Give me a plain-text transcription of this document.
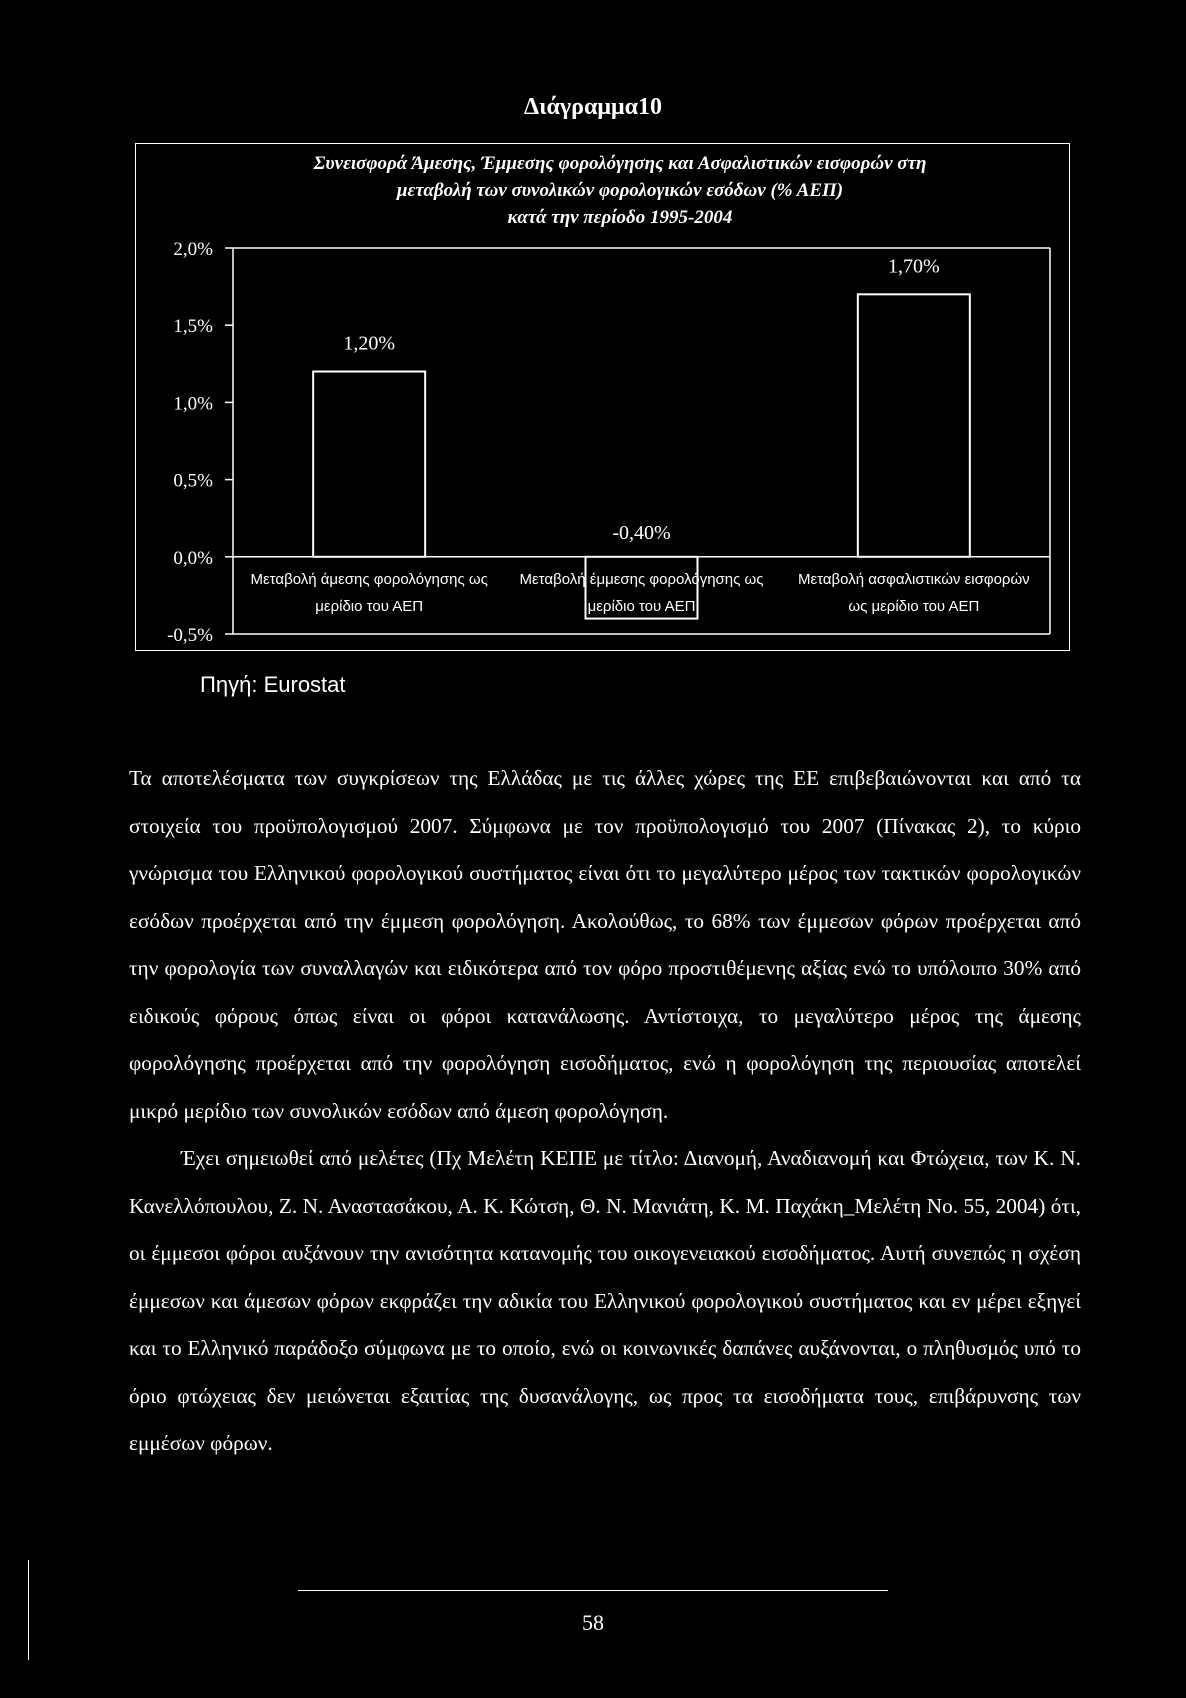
Διάγραμμα10
2,0%
1,5%
1,0%
0,5%
0,0%
-0,5%
Μεταβολή άμεσης φορολόγησης ως
μερίδιο του ΑΕΠ
Μεταβολή έμμεσης φορολόγησης ως
μερίδιο του ΑΕΠ
Μεταβολή ασφαλιστικών εισφορών
ως μερίδιο του ΑΕΠ
1,20%
-0,40%
1,70%
Συνεισφορά Άμεσης, Έμμεσης φορολόγησης και Ασφαλιστικών εισφορών στη
μεταβολή των συνολικών φορολογικών εσόδων (% ΑΕΠ)
κατά την περίοδο 1995-2004
Πηγή: Eurostat

Τα αποτελέσματα των συγκρίσεων της Ελλάδας με τις άλλες χώρες της ΕΕ επιβεβαιώνονται και από τα στοιχεία του προϋπολογισμού 2007. Σύμφωνα με τον προϋπολογισμό του 2007 (Πίνακας 2), το κύριο γνώρισμα του Ελληνικού φορολογικού συστήματος είναι ότι το μεγαλύτερο μέρος των τακτικών φορολογικών εσόδων προέρχεται από την έμμεση φορολόγηση. Ακολούθως, το 68% των έμμεσων φόρων προέρχεται από την φορολογία των συναλλαγών και ειδικότερα από τον φόρο προστιθέμενης αξίας ενώ το υπόλοιπο 30% από ειδικούς φόρους όπως είναι οι φόροι κατανάλωσης. Αντίστοιχα, το μεγαλύτερο μέρος της άμεσης φορολόγησης προέρχεται από την φορολόγηση εισοδήματος, ενώ η φορολόγηση της περιουσίας αποτελεί μικρό μερίδιο των συνολικών εσόδων από άμεση φορολόγηση.

Έχει σημειωθεί από μελέτες (Πχ Μελέτη ΚΕΠΕ με τίτλο: Διανομή, Αναδιανομή και Φτώχεια, των Κ. Ν. Κανελλόπουλου, Ζ. Ν. Αναστασάκου, Α. Κ. Κώτση, Θ. Ν. Μανιάτη, Κ. Μ. Παχάκη_Μελέτη No. 55, 2004) ότι, οι έμμεσοι φόροι αυξάνουν την ανισότητα κατανομής του οικογενειακού εισοδήματος. Αυτή συνεπώς η σχέση έμμεσων και άμεσων φόρων εκφράζει την αδικία του Ελληνικού φορολογικού συστήματος και εν μέρει εξηγεί και το Ελληνικό παράδοξο σύμφωνα με το οποίο, ενώ οι κοινωνικές δαπάνες αυξάνονται, ο πληθυσμός υπό το όριο φτώχειας δεν μειώνεται εξαιτίας της δυσανάλογης, ως προς τα εισοδήματα τους, επιβάρυνσης των εμμέσων φόρων.

58
